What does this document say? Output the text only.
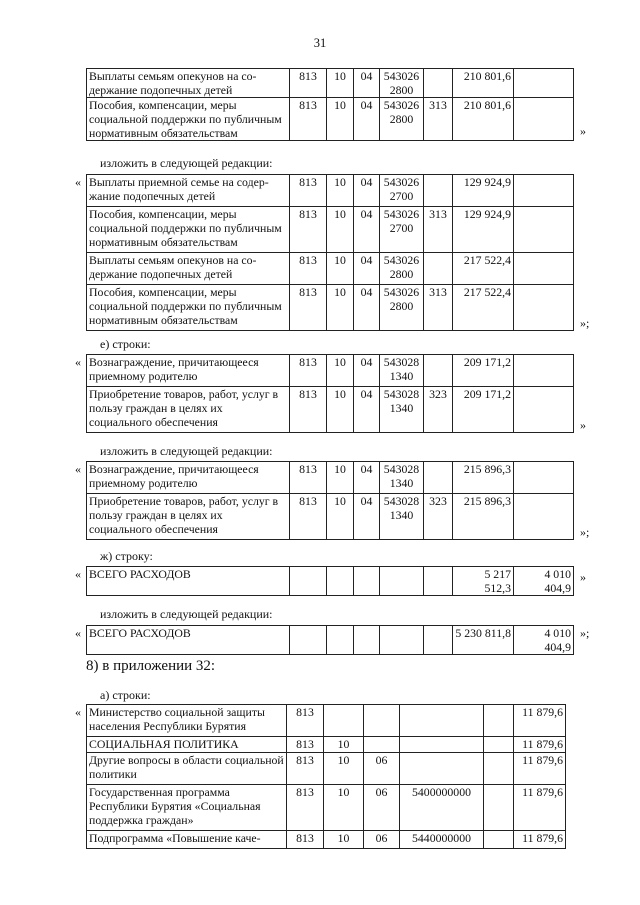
31
Выплаты семьям опекунов на со-держание подопечных детей	813	10	04	543026 2800		210 801,6	
Пособия, компенсации, меры социальной поддержки по публичным нормативным обязательствам	813	10	04	543026 2800	313	210 801,6	
»
изложить в следующей редакции:
Выплаты приемной семье на содер-жание подопечных детей	813	10	04	543026 2700		129 924,9	
Пособия, компенсации, меры социальной поддержки по публичным нормативным обязательствам	813	10	04	543026 2700	313	129 924,9	
Выплаты семьям опекунов на со-держание подопечных детей	813	10	04	543026 2800		217 522,4	
Пособия, компенсации, меры социальной поддержки по публичным нормативным обязательствам	813	10	04	543026 2800	313	217 522,4	
«
»;
е) строки:
Вознаграждение, причитающееся приемному родителю	813	10	04	543028 1340		209 171,2	
Приобретение товаров, работ, услуг в пользу граждан в целях их социального обеспечения	813	10	04	543028 1340	323	209 171,2	
«
»
изложить в следующей редакции:
Вознаграждение, причитающееся приемному родителю	813	10	04	543028 1340		215 896,3	
Приобретение товаров, работ, услуг в пользу граждан в целях их социального обеспечения	813	10	04	543028 1340	323	215 896,3	
«
»;
ж) строку:
ВСЕГО РАСХОДОВ						5 217 512,3	4 010 404,9
«	»
изложить в следующей редакции:
ВСЕГО РАСХОДОВ						5 230 811,8	4 010 404,9
«	»;
8) в приложении 32:
а) строки:
« Министерство социальной защиты населения Республики Бурятия	813					11 879,6
СОЦИАЛЬНАЯ ПОЛИТИКА	813	10				11 879,6
Другие вопросы в области социальной политики	813	10	06			11 879,6
Государственная программа Республики Бурятия «Социальная поддержка граждан»	813	10	06	5400000000		11 879,6
Подпрограмма «Повышение каче-	813	10	06	5440000000		11 879,6
